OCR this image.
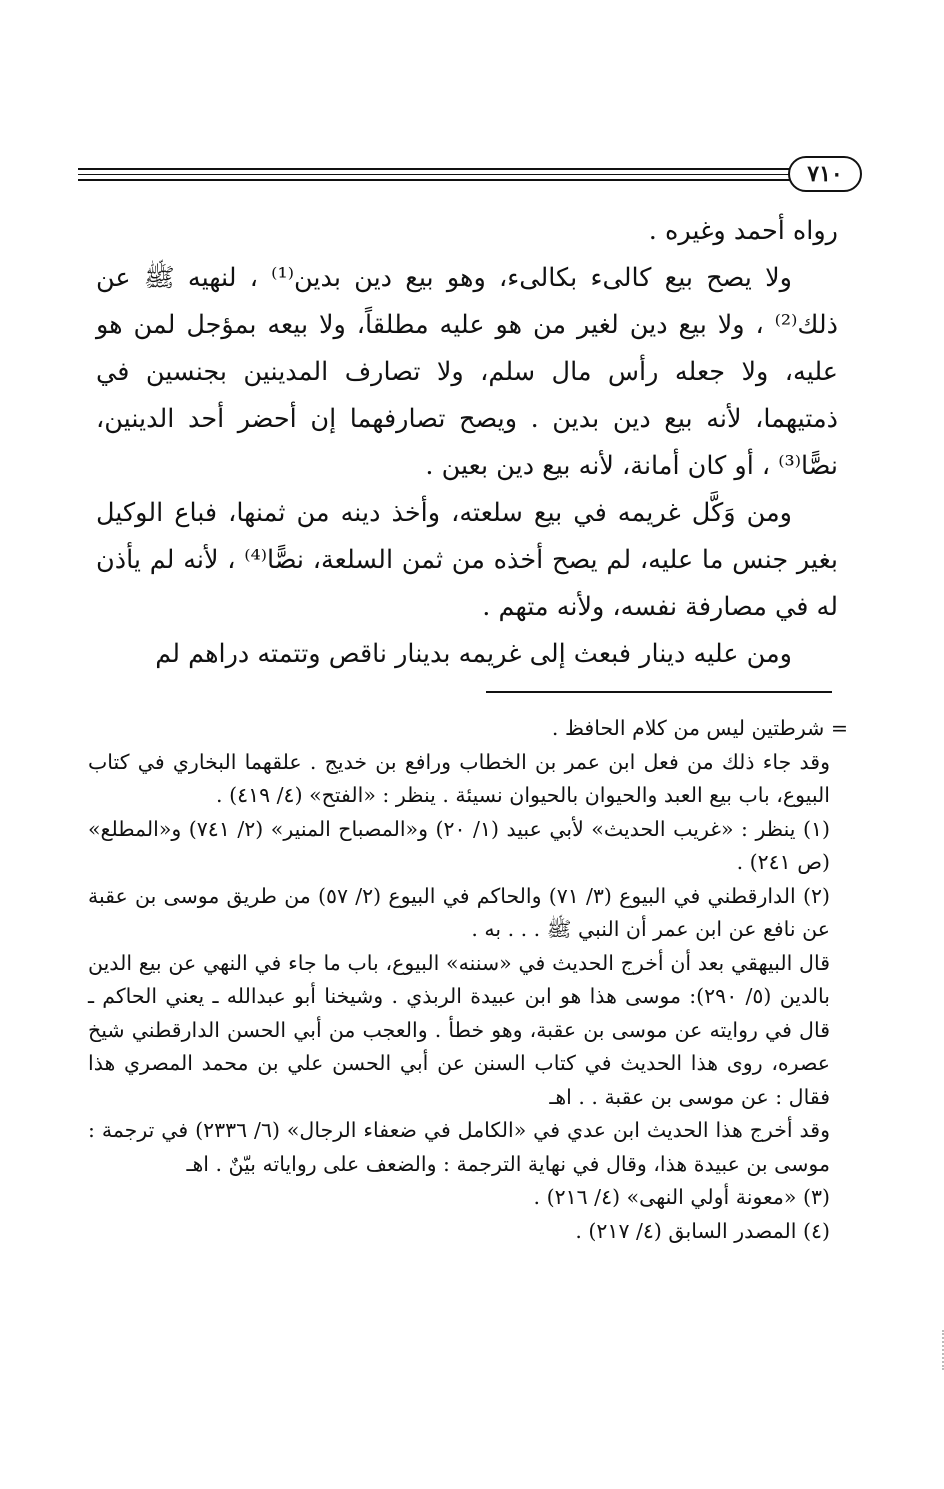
٧١٠

رواه أحمد وغيره .

ولا يصح بيع كالىء بكالىء، وهو بيع دين بدين⁽¹⁾ ، لنهيه ﷺ عن ذلك⁽²⁾ ، ولا بيع دين لغير من هو عليه مطلقاً، ولا بيعه بمؤجل لمن هو عليه، ولا جعله رأس مال سلم، ولا تصارف المدينين بجنسين في ذمتيهما، لأنه بيع دين بدين . ويصح تصارفهما إن أحضر أحد الدينين، نصًّا⁽³⁾ ، أو كان أمانة، لأنه بيع دين بعين .

ومن وَكَّل غريمه في بيع سلعته، وأخذ دينه من ثمنها، فباع الوكيل بغير جنس ما عليه، لم يصح أخذه من ثمن السلعة، نصًّا⁽⁴⁾ ، لأنه لم يأذن له في مصارفة نفسه، ولأنه متهم .

ومن عليه دينار فبعث إلى غريمه بدينار ناقص وتتمته دراهم لم

= شرطتين ليس من كلام الحافظ .

وقد جاء ذلك من فعل ابن عمر بن الخطاب ورافع بن خديج . علقهما البخاري في كتاب البيوع، باب بيع العبد والحيوان بالحيوان نسيئة . ينظر : «الفتح» (٤/ ٤١٩) .

(١) ينظر : «غريب الحديث» لأبي عبيد (١/ ٢٠) و«المصباح المنير» (٢/ ٧٤١) و«المطلع» (ص ٢٤١) .

(٢) الدارقطني في البيوع (٣/ ٧١) والحاكم في البيوع (٢/ ٥٧) من طريق موسى بن عقبة عن نافع عن ابن عمر أن النبي ﷺ . . . به .

قال البيهقي بعد أن أخرج الحديث في «سننه» البيوع، باب ما جاء في النهي عن بيع الدين بالدين (٥/ ٢٩٠): موسى هذا هو ابن عبيدة الربذي . وشيخنا أبو عبدالله ـ يعني الحاكم ـ قال في روايته عن موسى بن عقبة، وهو خطأ . والعجب من أبي الحسن الدارقطني شيخ عصره، روى هذا الحديث في كتاب السنن عن أبي الحسن علي بن محمد المصري هذا فقال : عن موسى بن عقبة . . اهـ

وقد أخرج هذا الحديث ابن عدي في «الكامل في ضعفاء الرجال» (٦/ ٢٣٣٦) في ترجمة : موسى بن عبيدة هذا، وقال في نهاية الترجمة : والضعف على رواياته بيّنٌ . اهـ

(٣) «معونة أولي النهى» (٤/ ٢١٦) .

(٤) المصدر السابق (٤/ ٢١٧) .
